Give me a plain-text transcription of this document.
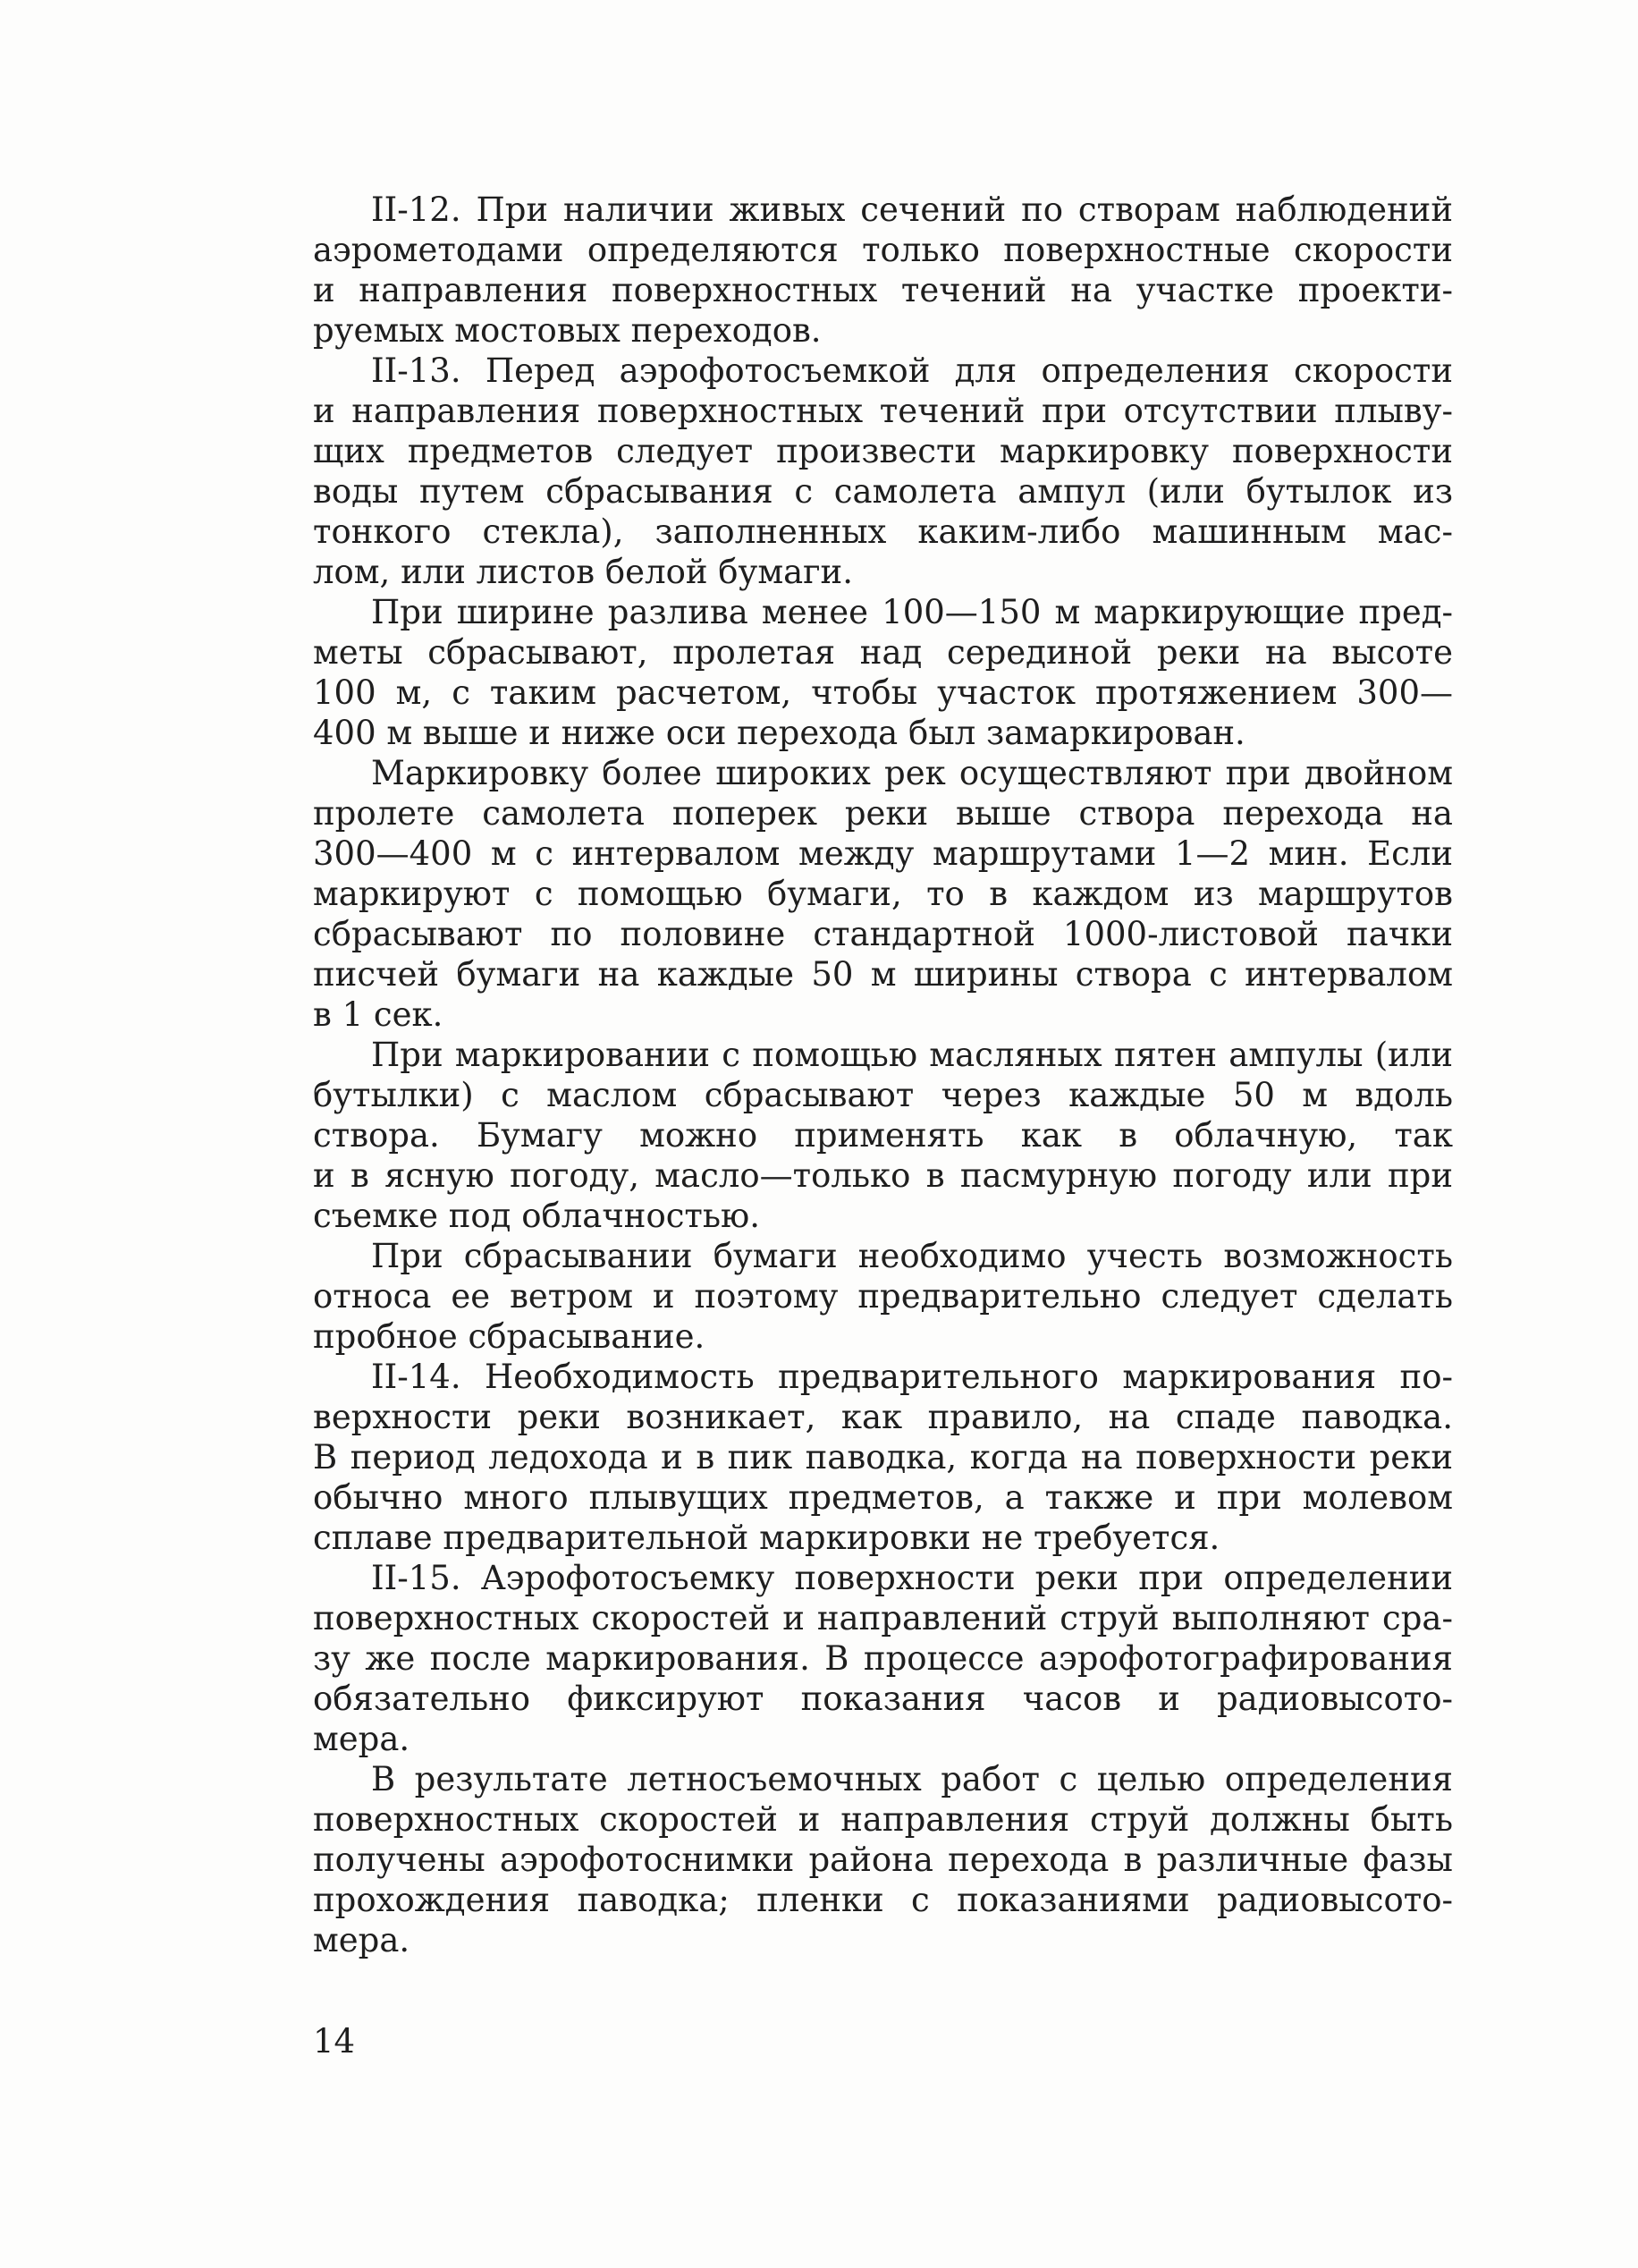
II-12. При наличии живых сечений по створам наблюдений
аэрометодами определяются только поверхностные скорости
и направления поверхностных течений на участке проекти-
руемых мостовых переходов.
II-13. Перед аэрофотосъемкой для определения скорости
и направления поверхностных течений при отсутствии плыву-
щих предметов следует произвести маркировку поверхности
воды путем сбрасывания с самолета ампул (или бутылок из
тонкого стекла), заполненных каким-либо машинным мас-
лом, или листов белой бумаги.
При ширине разлива менее 100—150 м маркирующие пред-
меты сбрасывают, пролетая над серединой реки на высоте
100 м, с таким расчетом, чтобы участок протяжением 300—
400 м выше и ниже оси перехода был замаркирован.
Маркировку более широких рек осуществляют при двойном
пролете самолета поперек реки выше створа перехода на
300—400 м с интервалом между маршрутами 1—2 мин. Если
маркируют с помощью бумаги, то в каждом из маршрутов
сбрасывают по половине стандартной 1000-листовой пачки
писчей бумаги на каждые 50 м ширины створа с интервалом
в 1 сек.
При маркировании с помощью масляных пятен ампулы (или
бутылки) с маслом сбрасывают через каждые 50 м вдоль
створа. Бумагу можно применять как в облачную, так
и в ясную погоду, масло—только в пасмурную погоду или при
съемке под облачностью.
При сбрасывании бумаги необходимо учесть возможность
относа ее ветром и поэтому предварительно следует сделать
пробное сбрасывание.
II-14. Необходимость предварительного маркирования по-
верхности реки возникает, как правило, на спаде паводка.
В период ледохода и в пик паводка, когда на поверхности реки
обычно много плывущих предметов, а также и при молевом
сплаве предварительной маркировки не требуется.
II-15. Аэрофотосъемку поверхности реки при определении
поверхностных скоростей и направлений струй выполняют сра-
зу же после маркирования. В процессе аэрофотографирования
обязательно фиксируют показания часов и радиовысото-
мера.
В результате летносъемочных работ с целью определения
поверхностных скоростей и направления струй должны быть
получены аэрофотоснимки района перехода в различные фазы
прохождения паводка; пленки с показаниями радиовысото-
мера.
14
